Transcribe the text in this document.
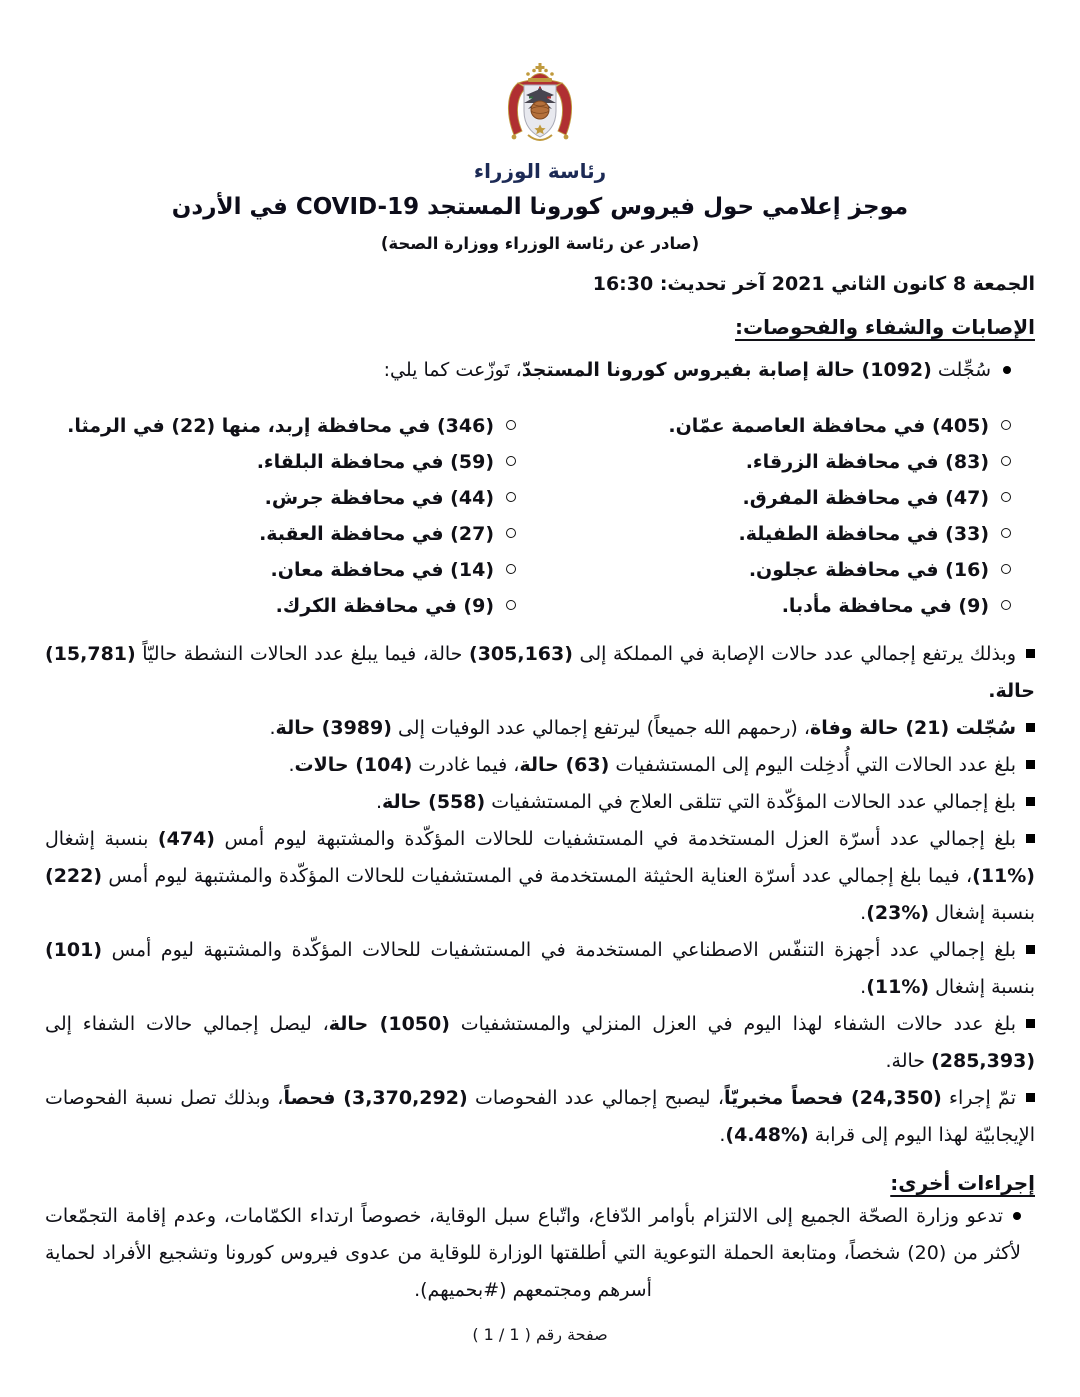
رئاسة الوزراء
موجز إعلامي حول فيروس كورونا المستجد COVID-19 في الأردن
(صادر عن رئاسة الوزراء ووزارة الصحة)
الجمعة 8 كانون الثاني 2021 آخر تحديث: 16:30
الإصابات والشفاء والفحوصات:

سُجِّلت (1092) حالة إصابة بفيروس كورونا المستجدّ، تَوزّعت كما يلي:

(405) في محافظة العاصمة عمّان.
(83) في محافظة الزرقاء.
(47) في محافظة المفرق.
(33) في محافظة الطفيلة.
(16) في محافظة عجلون.
(9) في محافظة مأدبا.
(346) في محافظة إربد، منها (22) في الرمثا.
(59) في محافظة البلقاء.
(44) في محافظة جرش.
(27) في محافظة العقبة.
(14) في محافظة معان.
(9) في محافظة الكرك.

وبذلك يرتفع إجمالي عدد حالات الإصابة في المملكة إلى (305,163) حالة، فيما يبلغ عدد الحالات النشطة حاليّاً (15,781) حالة.

سُجّلت (21) حالة وفاة، (رحمهم الله جميعاً) ليرتفع إجمالي عدد الوفيات إلى (3989) حالة.

بلغ عدد الحالات التي أُدخِلت اليوم إلى المستشفيات (63) حالة، فيما غادرت (104) حالات.

بلغ إجمالي عدد الحالات المؤكّدة التي تتلقى العلاج في المستشفيات (558) حالة.

بلغ إجمالي عدد أسرّة العزل المستخدمة في المستشفيات للحالات المؤكّدة والمشتبهة ليوم أمس (474) بنسبة إشغال (%11)، فيما بلغ إجمالي عدد أسرّة العناية الحثيثة المستخدمة في المستشفيات للحالات المؤكّدة والمشتبهة ليوم أمس (222) بنسبة إشغال (%23).

بلغ إجمالي عدد أجهزة التنفّس الاصطناعي المستخدمة في المستشفيات للحالات المؤكّدة والمشتبهة ليوم أمس (101) بنسبة إشغال (%11).

بلغ عدد حالات الشفاء لهذا اليوم في العزل المنزلي والمستشفيات (1050) حالة، ليصل إجمالي حالات الشفاء إلى (285,393) حالة.

تمّ إجراء (24,350) فحصاً مخبريّاً، ليصبح إجمالي عدد الفحوصات (3,370,292) فحصاً، وبذلك تصل نسبة الفحوصات الإيجابيّة لهذا اليوم إلى قرابة (%4.48).

إجراءات أخرى:

تدعو وزارة الصحّة الجميع إلى الالتزام بأوامر الدّفاع، واتّباع سبل الوقاية، خصوصاً ارتداء الكمّامات، وعدم إقامة التجمّعات لأكثر من (20) شخصاً، ومتابعة الحملة التوعوية التي أطلقتها الوزارة للوقاية من عدوى فيروس كورونا وتشجيع الأفراد لحماية أسرهم ومجتمعهم (#بحميهم).

صفحة رقم ( 1 / 1 )
